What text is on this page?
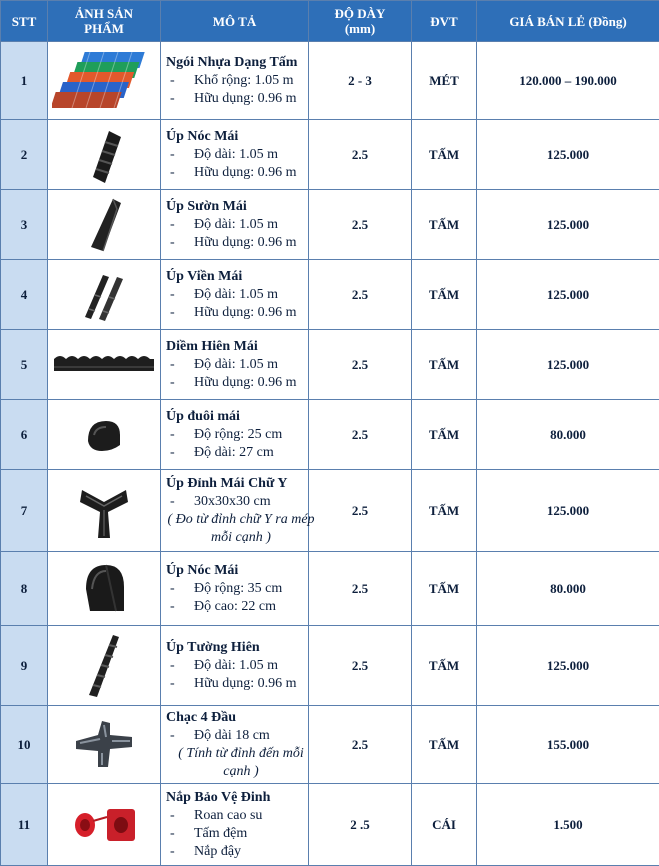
STT	ẢNH SẢN PHẨM	MÔ TẢ	ĐỘ DÀY (mm)	ĐVT	GIÁ BÁN LẺ (Đồng)
1		Ngói Nhựa Dạng Tấm
- Khổ rộng: 1.05 m
- Hữu dụng: 0.96 m	2 - 3	MÉT	120.000 – 190.000
2		Úp Nóc Mái
- Độ dài: 1.05 m
- Hữu dụng: 0.96 m	2.5	TẤM	125.000
3		Úp Sườn Mái
- Độ dài: 1.05 m
- Hữu dụng: 0.96 m	2.5	TẤM	125.000
4		Úp Viền Mái
- Độ dài: 1.05 m
- Hữu dụng: 0.96 m	2.5	TẤM	125.000
5		Diềm Hiên Mái
- Độ dài: 1.05 m
- Hữu dụng: 0.96 m	2.5	TẤM	125.000
6		Úp đuôi mái
- Độ rộng: 25 cm
- Độ dài: 27 cm	2.5	TẤM	80.000
7		Úp Đỉnh Mái Chữ Y
- 30x30x30 cm
( Đo từ đỉnh chữ Y ra mép mỗi cạnh )	2.5	TẤM	125.000
8		Úp Nóc Mái
- Độ rộng: 35 cm
- Độ cao: 22 cm	2.5	TẤM	80.000
9		Úp Tường Hiên
- Độ dài: 1.05 m
- Hữu dụng: 0.96 m	2.5	TẤM	125.000
10		Chạc 4 Đầu
- Độ dài 18 cm
( Tính từ đỉnh đến mỗi cạnh )	2.5	TẤM	155.000
11		Nắp Bảo Vệ Đinh
- Roan cao su
- Tấm đệm
- Nắp đậy	2 .5	CÁI	1.500
